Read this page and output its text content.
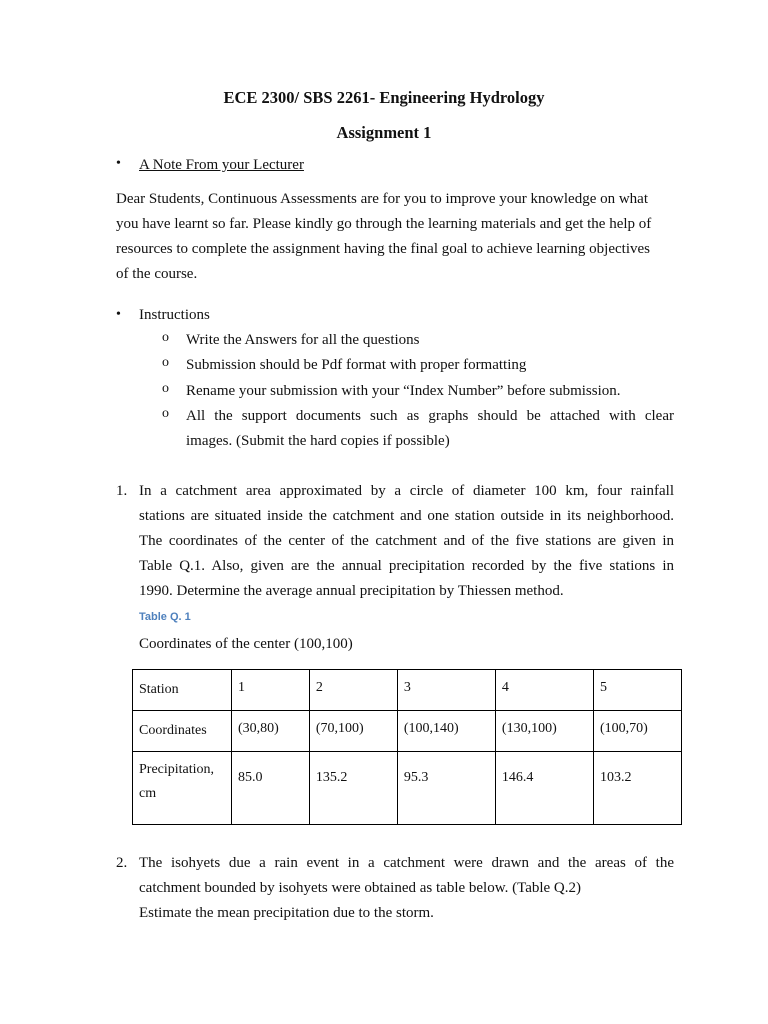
ECE 2300/ SBS 2261- Engineering Hydrology
Assignment 1
• A Note From your Lecturer
Dear Students, Continuous Assessments are for you to improve your knowledge on what
you have learnt so far. Please kindly go through the learning materials and get the help of
resources to complete the assignment having the final goal to achieve learning objectives
of the course.
• Instructions
o Write the Answers for all the questions
o Submission should be Pdf format with proper formatting
o Rename your submission with your “Index Number” before submission.
o All the support documents such as graphs should be attached with clear
images. (Submit the hard copies if possible)
1. In a catchment area approximated by a circle of diameter 100 km, four rainfall
stations are situated inside the catchment and one station outside in its neighborhood.
The coordinates of the center of the catchment and of the five stations are given in
Table Q.1. Also, given are the annual precipitation recorded by the five stations in
1990. Determine the average annual precipitation by Thiessen method.
Table Q. 1
Coordinates of the center (100,100)
Station	1	2	3	4	5
Coordinates	(30,80)	(70,100)	(100,140)	(130,100)	(100,70)

Precipitation,
cm	85.0	135.2	95.3	146.4	103.2
2. The isohyets due a rain event in a catchment were drawn and the areas of the
catchment bounded by isohyets were obtained as table below. (Table Q.2)
Estimate the mean precipitation due to the storm.
